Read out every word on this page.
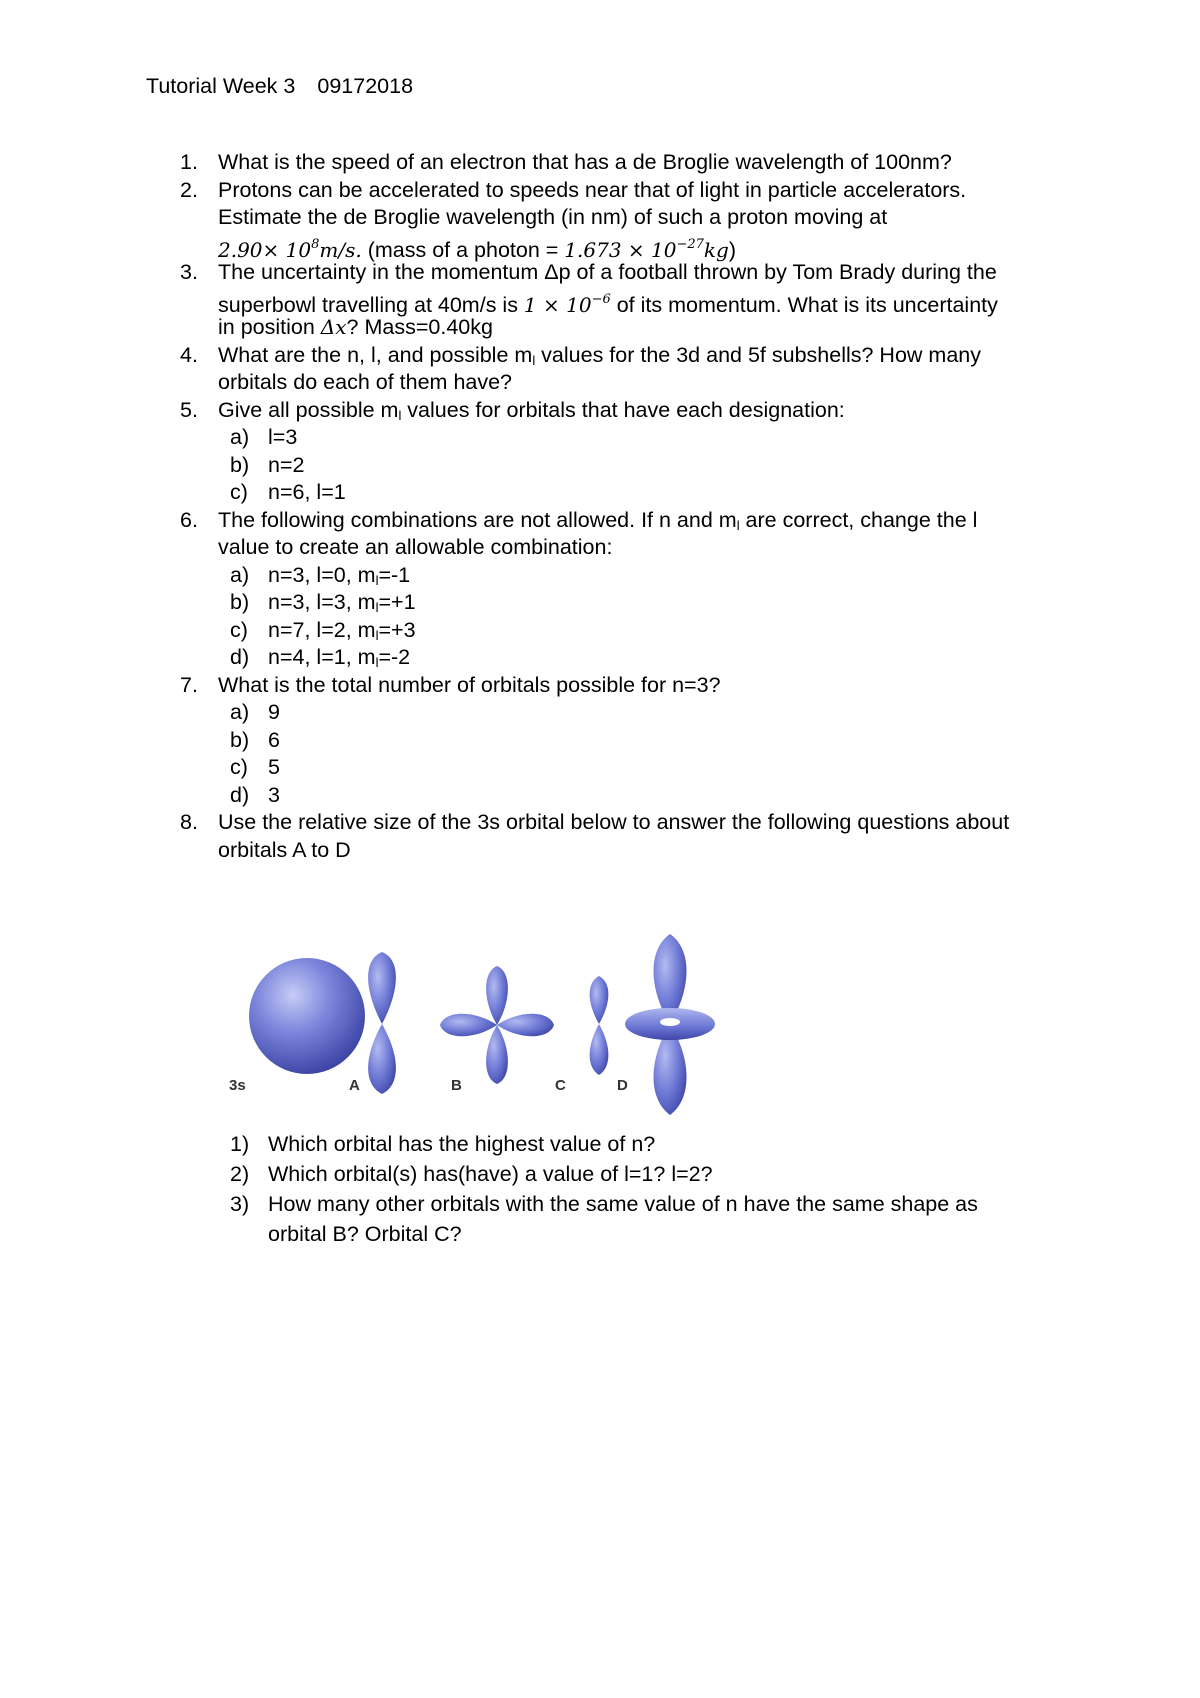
Tutorial Week 3 09172018
1. What is the speed of an electron that has a de Broglie wavelength of 100nm?
2. Protons can be accelerated to speeds near that of light in particle accelerators.
Estimate the de Broglie wavelength (in nm) of such a proton moving at
$2.90\times 10^8m/s$. (mass of a photon = $1.673 \times 10^{-27}kg$)
3. The uncertainty in the momentum Δp of a football thrown by Tom Brady during the
superbowl travelling at 40m/s is $1 \times 10^{-6}$ of its momentum. What is its uncertainty
in position Δx? Mass=0.40kg
4. What are the n, l, and possible $m_l$ values for the 3d and 5f subshells? How many
orbitals do each of them have?
5. Give all possible $m_l$ values for orbitals that have each designation:
a) l=3
b) n=2
c) n=6, l=1
6. The following combinations are not allowed. If n and $m_l$ are correct, change the l
value to create an allowable combination:
a) n=3, l=0, $m_l=-1$
b) n=3, l=3, $m_l=+1$
c) n=7, l=2, $m_l=+3$
d) n=4, l=1, $m_l=-2$
7. What is the total number of orbitals possible for n=3?
a) 9
b) 6
c) 5
d) 3
8. Use the relative size of the 3s orbital below to answer the following questions about
orbitals A to D
3s	A	B	C	D
1) Which orbital has the highest value of n?
2) Which orbital(s) has(have) a value of l=1? l=2?
3) How many other orbitals with the same value of n have the same shape as
orbital B? Orbital C?
